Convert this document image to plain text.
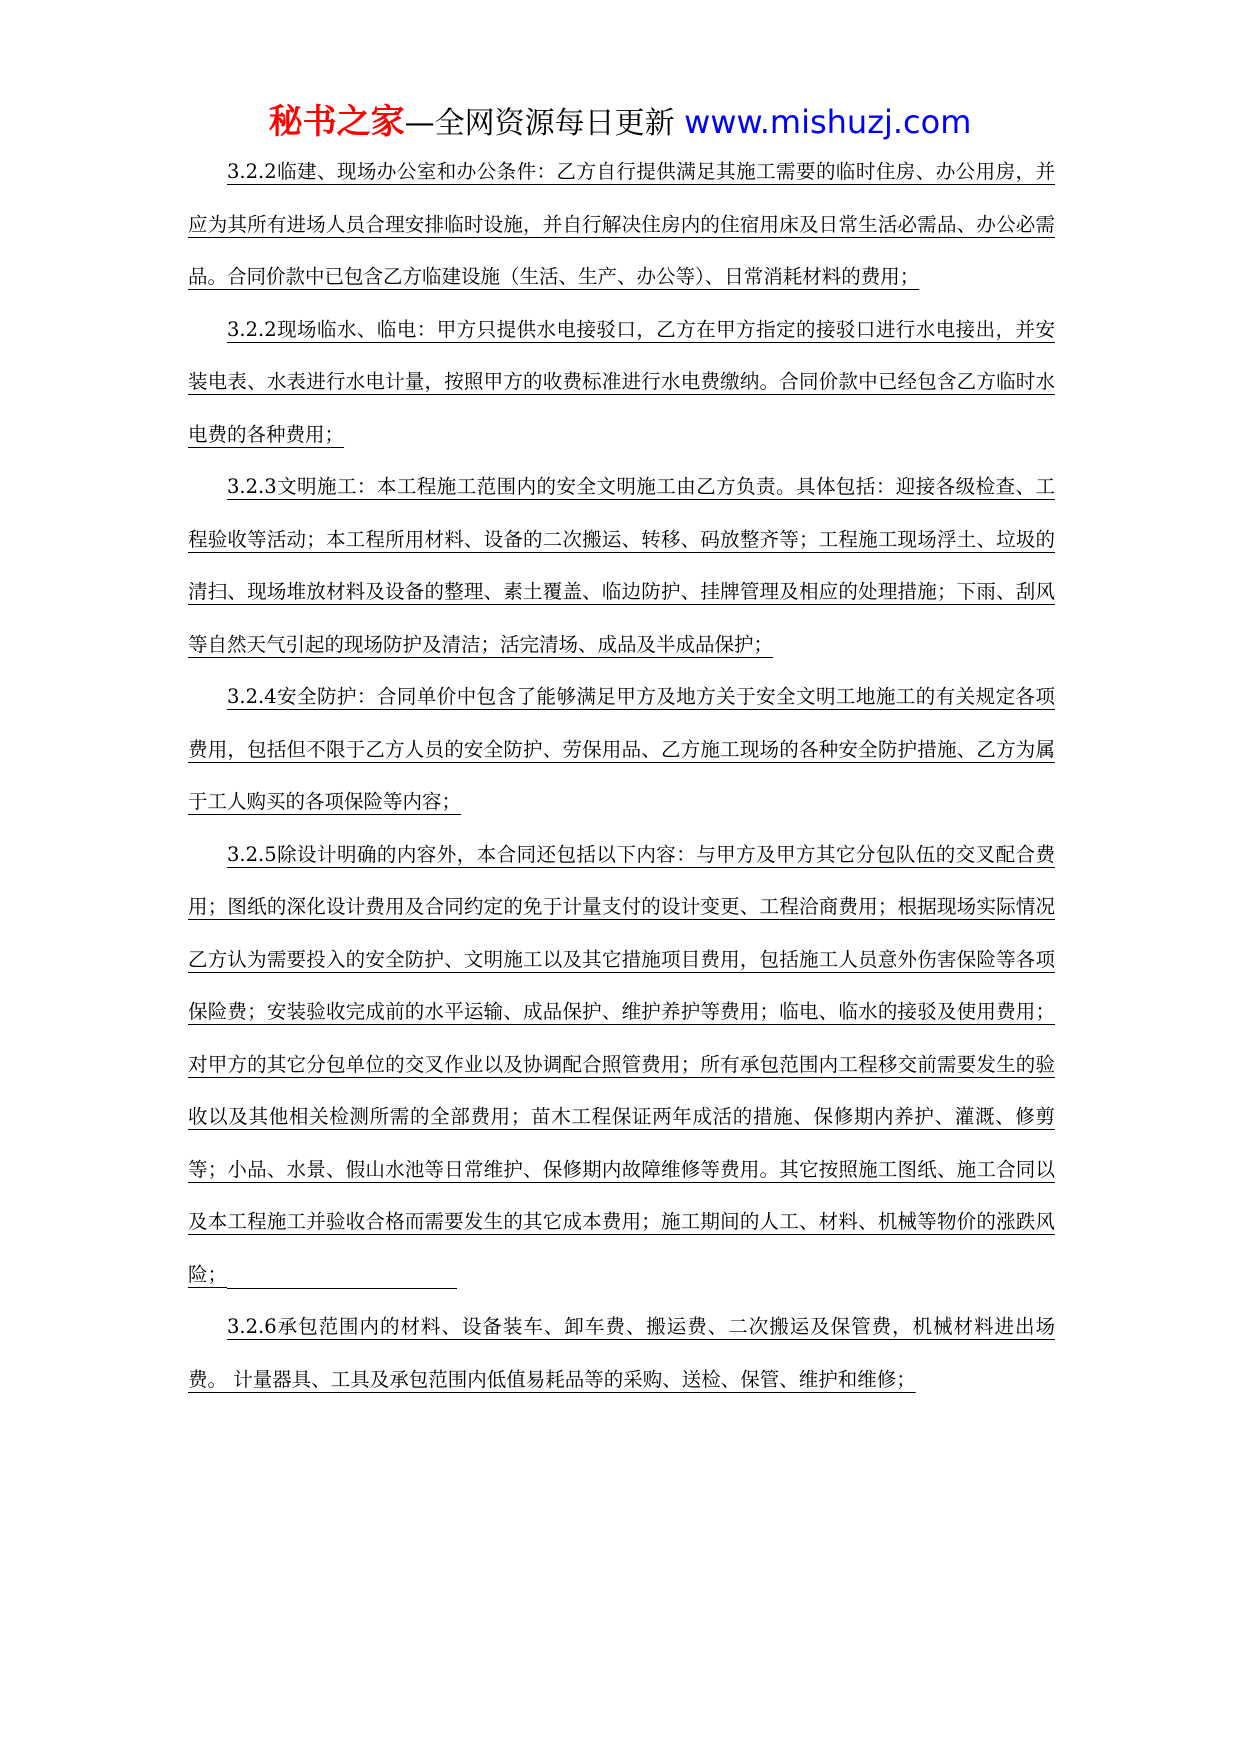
秘书之家—全网资源每日更新 www.mishuzj.com

3.2.2临建、现场办公室和办公条件：乙方自行提供满足其施工需要的临时住房、办公用房，并应为其所有进场人员合理安排临时设施，并自行解决住房内的住宿用床及日常生活必需品、办公必需品。合同价款中已包含乙方临建设施（生活、生产、办公等）、日常消耗材料的费用；

3.2.2现场临水、临电：甲方只提供水电接驳口，乙方在甲方指定的接驳口进行水电接出，并安装电表、水表进行水电计量，按照甲方的收费标准进行水电费缴纳。合同价款中已经包含乙方临时水电费的各种费用；

3.2.3文明施工：本工程施工范围内的安全文明施工由乙方负责。具体包括：迎接各级检查、工程验收等活动；本工程所用材料、设备的二次搬运、转移、码放整齐等；工程施工现场浮土、垃圾的清扫、现场堆放材料及设备的整理、素土覆盖、临边防护、挂牌管理及相应的处理措施；下雨、刮风等自然天气引起的现场防护及清洁；活完清场、成品及半成品保护；

3.2.4安全防护：合同单价中包含了能够满足甲方及地方关于安全文明工地施工的有关规定各项费用，包括但不限于乙方人员的安全防护、劳保用品、乙方施工现场的各种安全防护措施、乙方为属于工人购买的各项保险等内容；

3.2.5除设计明确的内容外，本合同还包括以下内容：与甲方及甲方其它分包队伍的交叉配合费用；图纸的深化设计费用及合同约定的免于计量支付的设计变更、工程洽商费用；根据现场实际情况乙方认为需要投入的安全防护、文明施工以及其它措施项目费用，包括施工人员意外伤害保险等各项保险费；安装验收完成前的水平运输、成品保护、维护养护等费用；临电、临水的接驳及使用费用；对甲方的其它分包单位的交叉作业以及协调配合照管费用；所有承包范围内工程移交前需要发生的验收以及其他相关检测所需的全部费用；苗木工程保证两年成活的措施、保修期内养护、灌溉、修剪等；小品、水景、假山水池等日常维护、保修期内故障维修等费用。其它按照施工图纸、施工合同以及本工程施工并验收合格而需要发生的其它成本费用；施工期间的人工、材料、机械等物价的涨跌风险；

3.2.6承包范围内的材料、设备装车、卸车费、搬运费、二次搬运及保管费，机械材料进出场费。 计量器具、工具及承包范围内低值易耗品等的采购、送检、保管、维护和维修；
